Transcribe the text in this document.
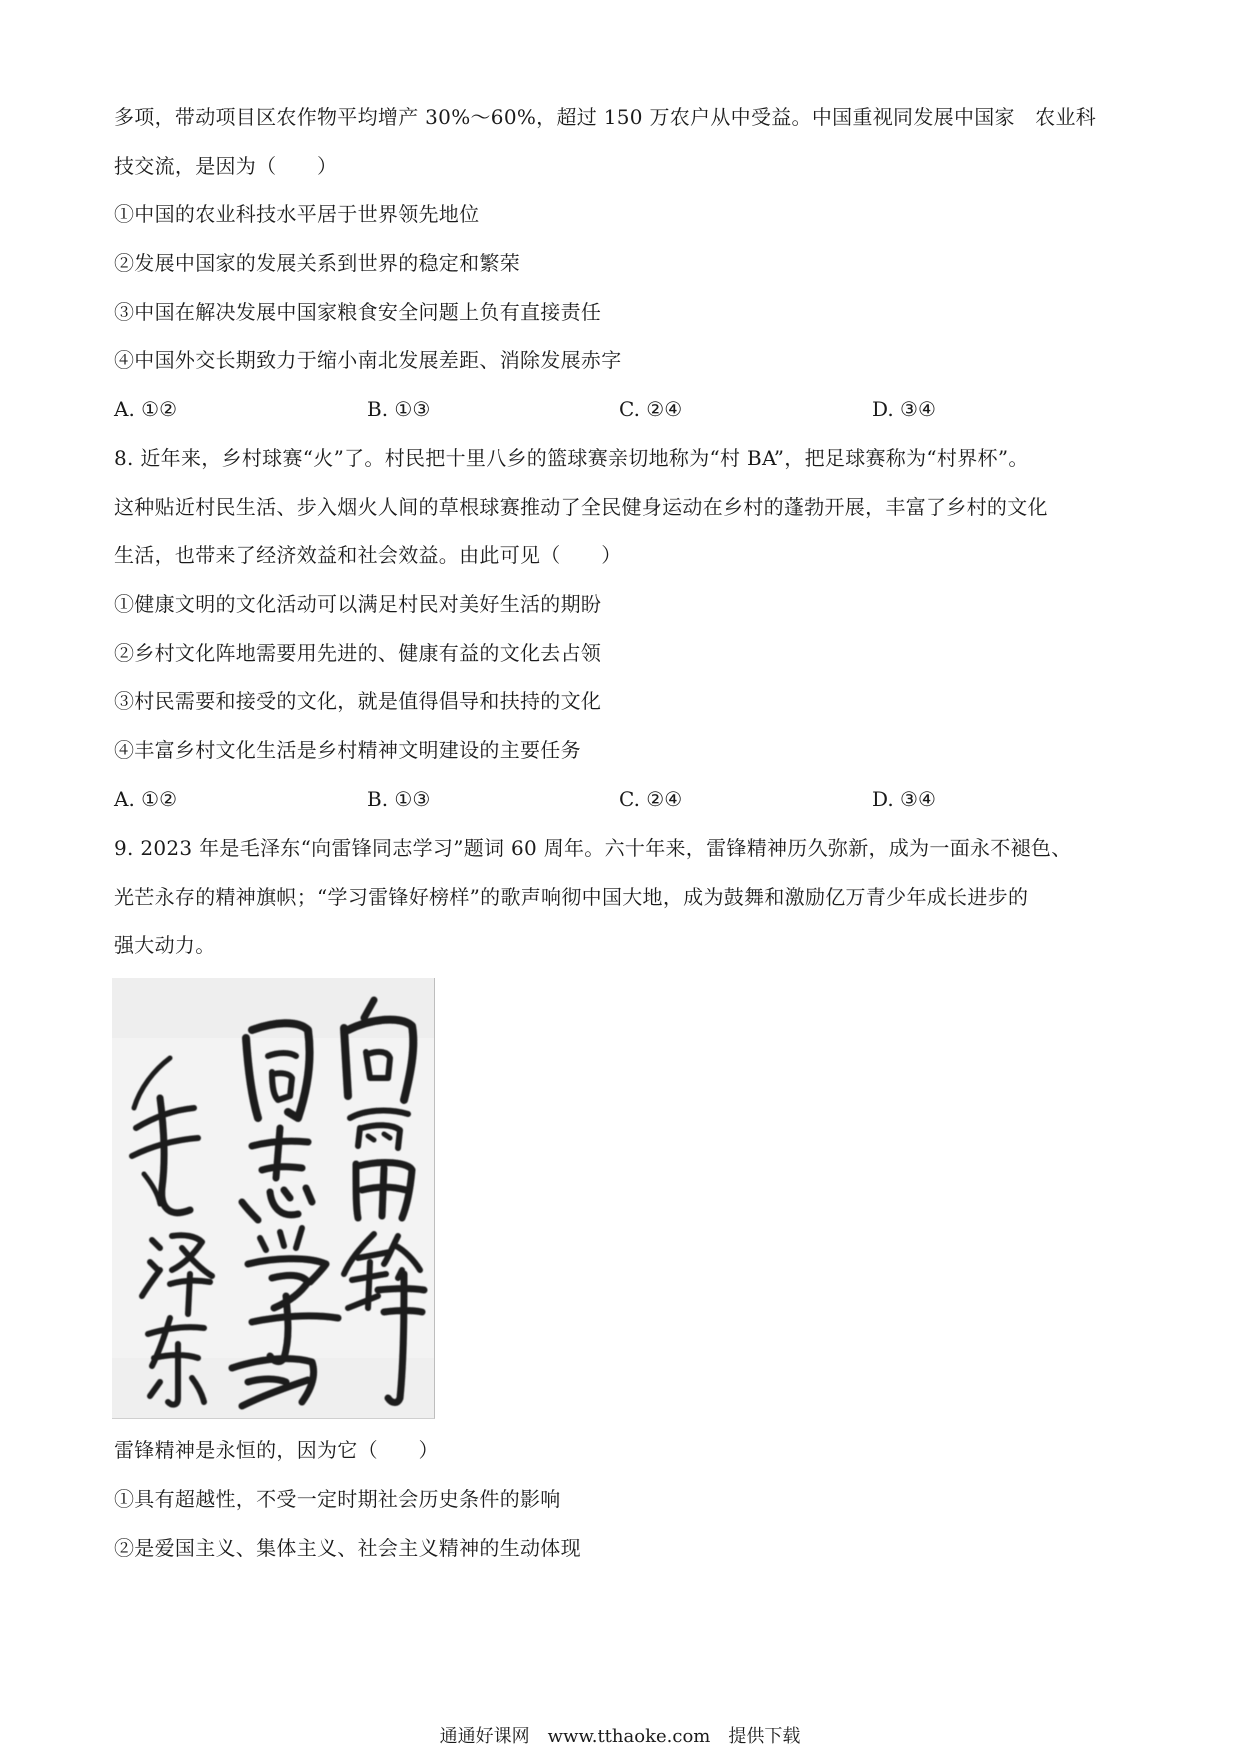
多项，带动项目区农作物平均增产 30%～60%，超过 150 万农户从中受益。中国重视同发展中国家　农业科
技交流，是因为（　　）
①中国的农业科技水平居于世界领先地位
②发展中国家的发展关系到世界的稳定和繁荣
③中国在解决发展中国家粮食安全问题上负有直接责任
④中国外交长期致力于缩小南北发展差距、消除发展赤字
A. ①②	B. ①③	C. ②④	D. ③④
8. 近年来，乡村球赛“火”了。村民把十里八乡的篮球赛亲切地称为“村 BA”，把足球赛称为“村界杯”。
这种贴近村民生活、步入烟火人间的草根球赛推动了全民健身运动在乡村的蓬勃开展，丰富了乡村的文化
生活，也带来了经济效益和社会效益。由此可见（　　）
①健康文明的文化活动可以满足村民对美好生活的期盼
②乡村文化阵地需要用先进的、健康有益的文化去占领
③村民需要和接受的文化，就是值得倡导和扶持的文化
④丰富乡村文化生活是乡村精神文明建设的主要任务
A. ①②	B. ①③	C. ②④	D. ③④
9. 2023 年是毛泽东“向雷锋同志学习”题词 60 周年。六十年来，雷锋精神历久弥新，成为一面永不褪色、
光芒永存的精神旗帜；“学习雷锋好榜样”的歌声响彻中国大地，成为鼓舞和激励亿万青少年成长进步的
强大动力。
雷锋精神是永恒的，因为它（　　）
①具有超越性，不受一定时期社会历史条件的影响
②是爱国主义、集体主义、社会主义精神的生动体现
通通好课网　www.tthaoke.com　提供下载
